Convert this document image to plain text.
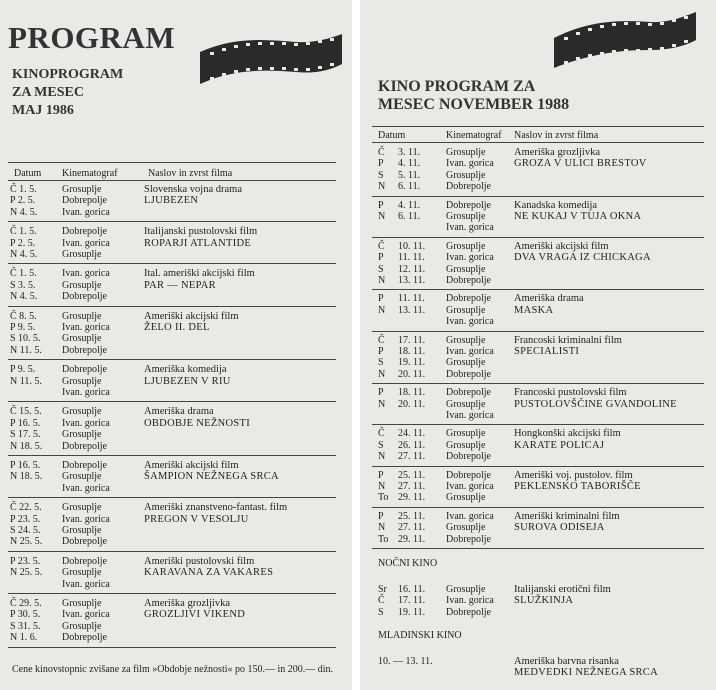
PROGRAM
KINOPROGRAM
ZA MESEC
MAJ 1986
Datum Kinematograf	Naslov in zvrst filma
Č 1. 5.	Grosuplje	Slovenska vojna drama
P 2. 5.	Dobrepolje	LJUBEZEN
N 4. 5. Ivan. gorica
Č 1. 5.	Dobrepolje	Italijanski pustolovski film
P 2. 5.	Ivan. gorica	ROPARJI ATLANTIDE
N 4. 5. Grosuplje
Č 1. 5.	Ivan. gorica	Ital. ameriški akcijski film
S 3. 5.	Grosuplje	PAR — NEPAR
N 4. 5. Dobrepolje
Č 8. 5.	Grosuplje	Ameriški akcijski film
P 9. 5.	Ivan. gorica	ŽELO II. DEL
S 10. 5. Grosuplje
N 11. 5. Dobrepolje
P 9. 5.	Dobrepolje	Ameriška komedija
N 11. 5. Grosuplje	LJUBEZEN V RIU
Ivan. gorica
Č 15. 5. Grosuplje	Ameriška drama
P 16. 5. Ivan. gorica	OBDOBJE NEŽNOSTI
S 17. 5. Grosuplje
N 18. 5. Dobrepolje
P 16. 5. Dobrepolje	Ameriški akcijski film
N 18. 5. Grosuplje	ŠAMPION NEŽNEGA SRCA
Ivan. gorica
Č 22. 5. Grosuplje	Ameriški znanstveno-fantast. film
P 23. 5. Ivan. gorica	PREGON V VESOLJU
S 24. 5. Grosuplje
N 25. 5. Dobrepolje
P 23. 5. Dobrepolje	Ameriški pustolovski film
N 25. 5. Grosuplje	KARAVANA ZA VAKARES
Ivan. gorica
Č 29. 5. Grosuplje	Ameriška grozljivka
P 30. 5. Ivan. gorica	GROZLJIVI VIKEND
S 31. 5. Grosuplje
N 1. 6. Dobrepolje
Cene kinovstopnic zvišane za film »Obdobje nežnosti« po 150.— in 200.— din.
KINO PROGRAM ZA
MESEC NOVEMBER 1988
Datum	Kinematograf Naslov in zvrst filma
Č 3. 11.	Grosuplje	Ameriška grozljivka
P 4. 11.	Ivan. gorica GROZA V ULICI BRESTOV
S 5. 11.	Grosuplje
N 6. 11.	Dobrepolje
P 4. 11.	Dobrepolje Kanadska komedija
N 6. 11.	Grosuplje	NE KUKAJ V TUJA OKNA
Ivan. gorica
Č 10. 11. Grosuplje	Ameriški akcijski film
P 11. 11. Ivan. gorica DVA VRAGA IZ CHICKAGA
S 12. 11. Grosuplje
N 13. 11. Dobrepolje
P 11. 11. Dobrepolje Ameriška drama
N 13. 11. Grosuplje	MASKA
Ivan. gorica
Č 17. 11. Grosuplje	Francoski kriminalni film
P 18. 11. Ivan. gorica SPECIALISTI
S 19. 11. Grosuplje
N 20. 11. Dobrepolje
P 18. 11. Dobrepolje Francoski pustolovski film
N 20. 11. Grosuplje	PUSTOLOVŠČINE GVANDOLINE
Ivan. gorica
Č 24. 11. Grosuplje	Hongkonški akcijski film
S 26. 11. Grosuplje	KARATE POLICAJ
N 27. 11. Dobrepolje
P 25. 11. Dobrepolje Ameriški voj. pustolov. film
N 27. 11. Ivan. gorica PEKLENSKO TABORIŠČE
To 29. 11. Grosuplje
P 25. 11. Ivan. gorica Ameriški kriminalni film
N 27. 11. Grosuplje	SUROVA ODISEJA
To 29. 11. Dobrepolje
NOČNI KINO
Sr 16. 11. Grosuplje	Italijanski erotični film
Č 17. 11. Ivan. gorica SLUŽKINJA
S 19. 11. Dobrepolje
MLADINSKI KINO
10. — 13. 11.	Ameriška barvna risanka
MEDVEDKI NEŽNEGA SRCA
